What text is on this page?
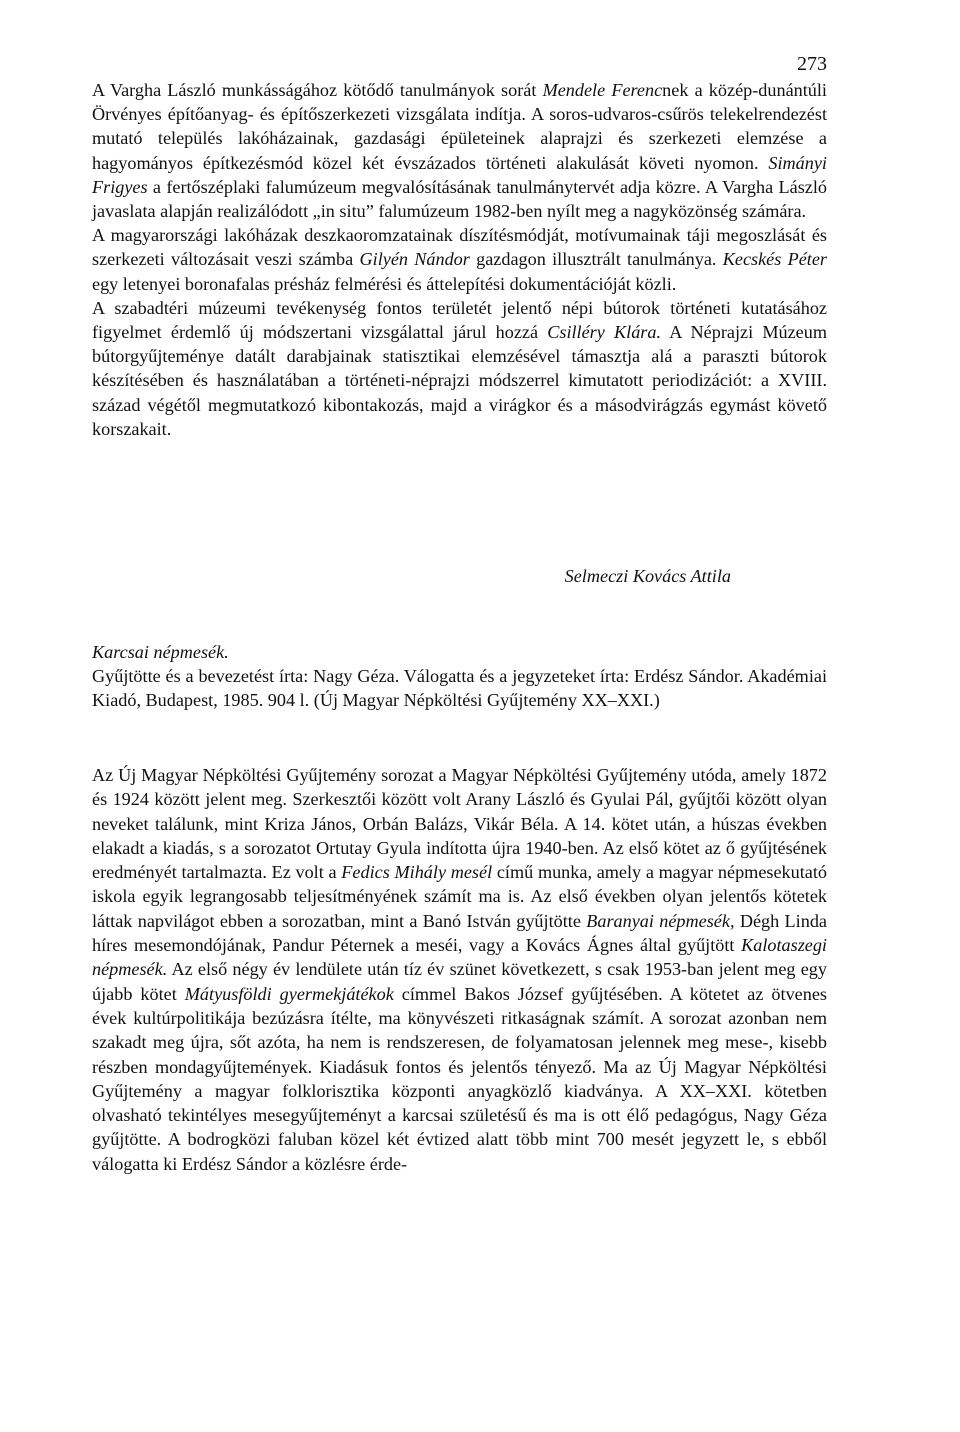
273

A Vargha László munkásságához kötődő tanulmányok sorát Mendele Ferencnek a közép-dunántúli Örvényes építőanyag- és építőszerkezeti vizsgálata indítja. A soros-udvaros-csűrös telekelrendezést mutató település lakóházainak, gazdasági épületeinek alaprajzi és szerkezeti elemzése a hagyományos építkezésmód közel két évszázados történeti alakulását követi nyomon. Simányi Frigyes a fertőszéplaki falumúzeum megvalósításának tanulmánytervét adja közre. A Vargha László javaslata alapján realizálódott „in situ” falumúzeum 1982-ben nyílt meg a nagyközönség számára.

A magyarországi lakóházak deszkaoromzatainak díszítésmódját, motívumainak táji megoszlását és szerkezeti változásait veszi számba Gilyén Nándor gazdagon illusztrált tanulmánya. Kecskés Péter egy letenyei boronafalas présház felmérési és áttelepítési dokumentációját közli.

A szabadtéri múzeumi tevékenység fontos területét jelentő népi bútorok történeti kutatásához figyelmet érdemlő új módszertani vizsgálattal járul hozzá Csilléry Klára. A Néprajzi Múzeum bútorgyűjteménye datált darabjainak statisztikai elemzésével támasztja alá a paraszti bútorok készítésében és használatában a történeti-néprajzi módszerrel kimutatott periodizációt: a XVIII. század végétől megmutatkozó kibontakozás, majd a virágkor és a másodvirágzás egymást követő korszakait.

Selmeczi Kovács Attila
Karcsai népmesék.

Gyűjtötte és a bevezetést írta: Nagy Géza. Válogatta és a jegyzeteket írta: Erdész Sándor. Akadémiai Kiadó, Budapest, 1985. 904 l. (Új Magyar Népköltési Gyűjtemény XX–XXI.)

Az Új Magyar Népköltési Gyűjtemény sorozat a Magyar Népköltési Gyűjtemény utóda, amely 1872 és 1924 között jelent meg. Szerkesztői között volt Arany László és Gyulai Pál, gyűjtői között olyan neveket találunk, mint Kriza János, Orbán Balázs, Vikár Béla. A 14. kötet után, a húszas években elakadt a kiadás, s a sorozatot Ortutay Gyula indította újra 1940-ben. Az első kötet az ő gyűjtésének eredményét tartalmazta. Ez volt a Fedics Mihály mesél című munka, amely a magyar népmesekutató iskola egyik legrangosabb teljesítményének számít ma is. Az első években olyan jelentős kötetek láttak napvilágot ebben a sorozatban, mint a Banó István gyűjtötte Baranyai népmesék, Dégh Linda híres mesemondójának, Pandur Péternek a meséi, vagy a Kovács Ágnes által gyűjtött Kalotaszegi népmesék. Az első négy év lendülete után tíz év szünet következett, s csak 1953-ban jelent meg egy újabb kötet Mátyusföldi gyermekjátékok címmel Bakos József gyűjtésében. A kötetet az ötvenes évek kultúrpolitikája bezúzásra ítélte, ma könyvészeti ritkaságnak számít. A sorozat azonban nem szakadt meg újra, sőt azóta, ha nem is rendszeresen, de folyamatosan jelennek meg mese-, kisebb részben mondagyűjtemények. Kiadásuk fontos és jelentős tényező. Ma az Új Magyar Népköltési Gyűjtemény a magyar folklorisztika központi anyagközlő kiadványa. A XX–XXI. kötetben olvasható tekintélyes mesegyűjteményt a karcsai születésű és ma is ott élő pedagógus, Nagy Géza gyűjtötte. A bodrogközi faluban közel két évtized alatt több mint 700 mesét jegyzett le, s ebből válogatta ki Erdész Sándor a közlésre érde-
